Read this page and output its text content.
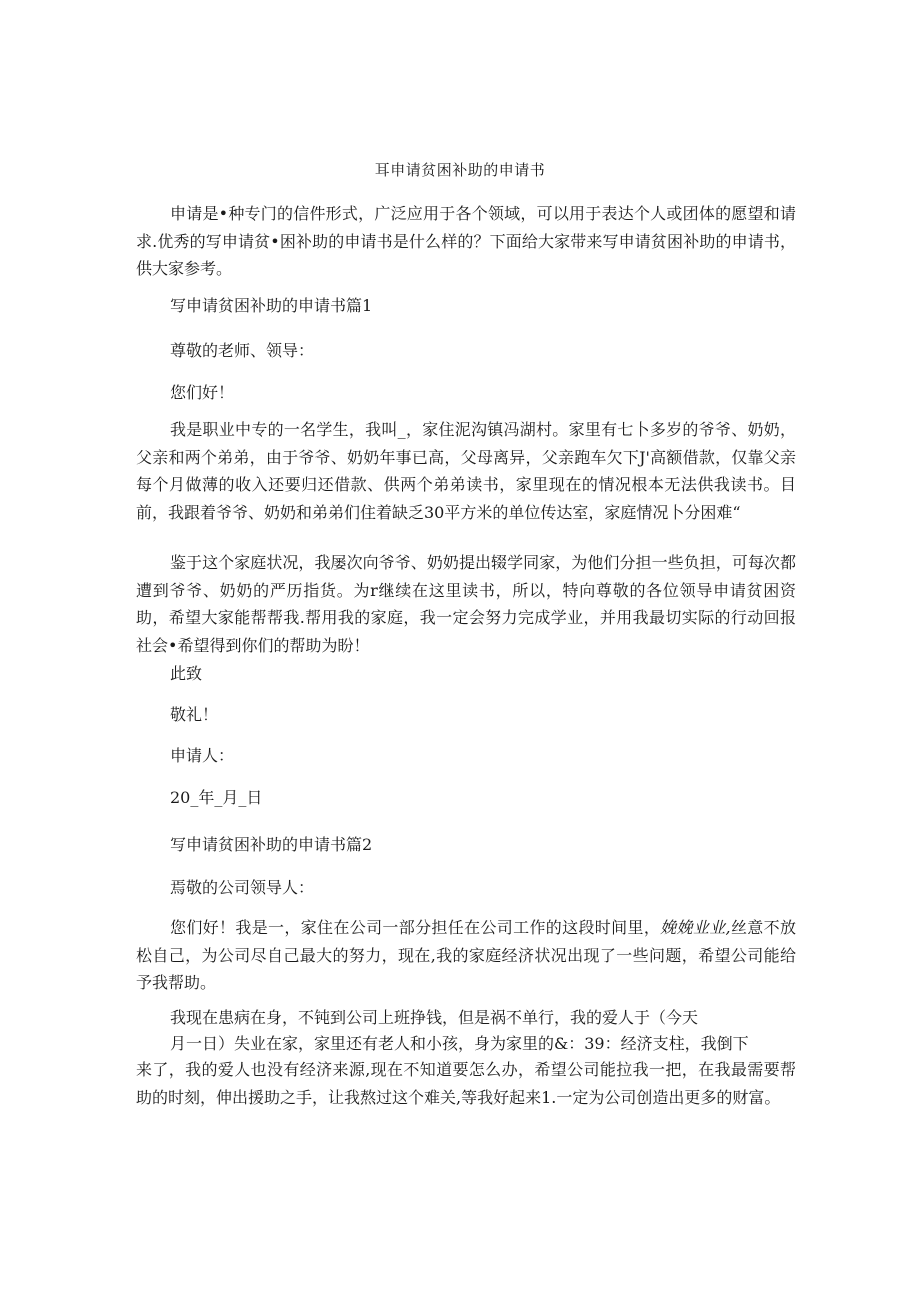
耳申请贫困补助的申请书

申请是•种专门的信件形式，广泛应用于各个领域，可以用于表达个人或团体的愿望和请求.优秀的写申请贫•困补助的申请书是什么样的？下面给大家带来写申请贫困补助的申请书，供大家参考。

写申请贫困补助的申请书篇1

尊敬的老师、领导：

您们好！

我是职业中专的一名学生，我叫_，家住泥沟镇冯湖村。家里有七卜多岁的爷爷、奶奶，父亲和两个弟弟，由于爷爷、奶奶年事已高，父母离异，父亲跑车欠下J'高额借款，仅靠父亲每个月做薄的收入还要归还借款、供两个弟弟读书，家里现在的情况根本无法供我读书。目前，我跟着爷爷、奶奶和弟弟们住着缺乏30平方米的单位传达室，家庭情况卜分困难“

鉴于这个家庭状况，我屡次向爷爷、奶奶提出辍学同家，为他们分担一些负担，可每次都遭到爷爷、奶奶的严历指货。为r继续在这里读书，所以，特向尊敬的各位领导申请贫困资助，希望大家能帮帮我.帮用我的家庭，我一定会努力完成学业，并用我最切实际的行动回报社会•希望得到你们的帮助为盼！

此致

敬礼！

申请人：

20_年_月_日

写申请贫困补助的申请书篇2

焉敬的公司领导人：

您们好！我是一，家住在公司一部分担任在公司工作的这段时间里，娩娩业业,丝意不放松自己，为公司尽自己最大的努力，现在,我的家庭经济状况出现了一些问题，希望公司能给予我帮助。

我现在患病在身，不钝到公司上班挣钱，但是祸不单行，我的爱人于（今天

月一日）失业在家，家里还有老人和小孩，身为家里的&：39：经济支柱，我倒下

来了，我的爱人也没有经济来源,现在不知道要怎么办，希望公司能拉我一把，在我最需要帮助的时刻，伸出援助之手，让我熬过这个难关,等我好起来1.一定为公司创造出更多的财富。
